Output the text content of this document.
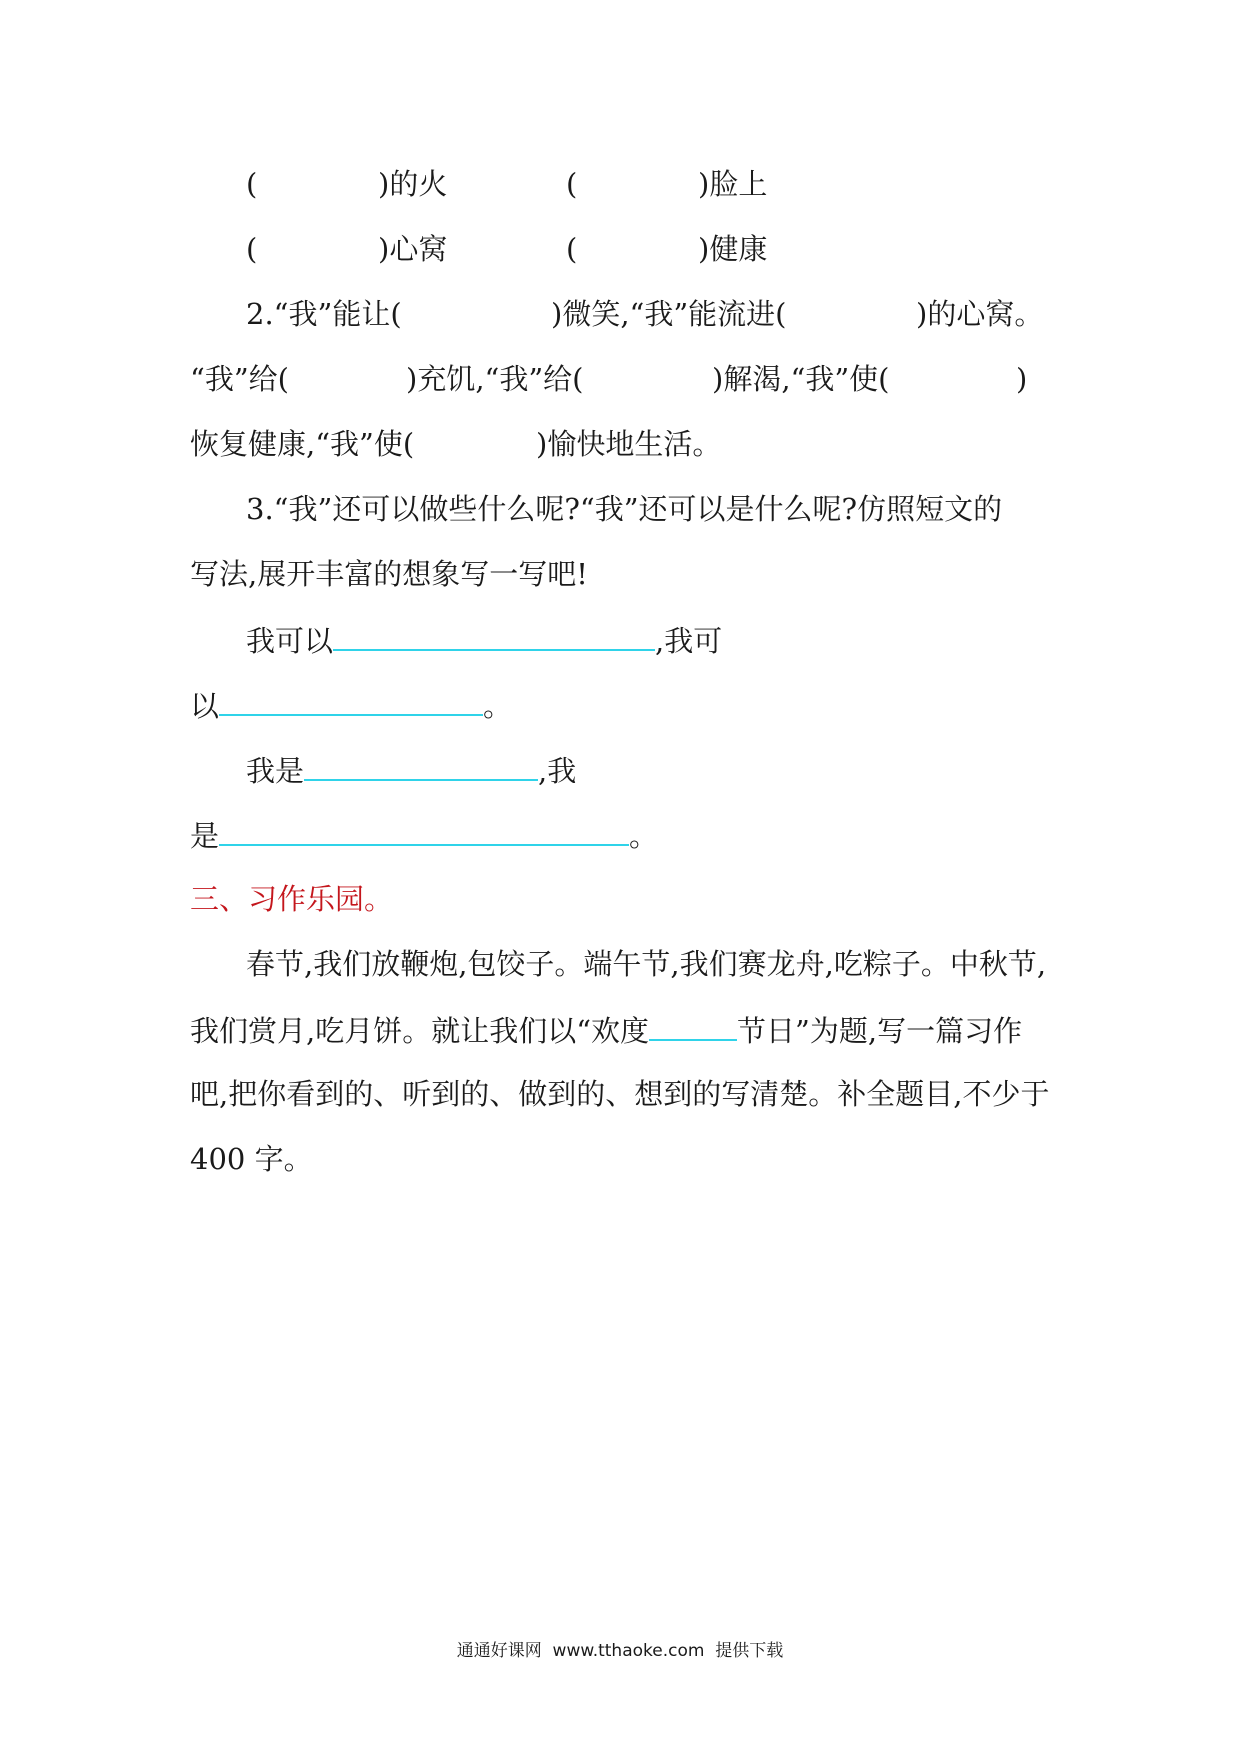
(	)的火	(	)脸上
(	)心窝	(	)健康
2.“我”能让(	)微笑,“我”能流进(	)的心窝。
“我”给(	)充饥,“我”给(	)解渴,“我”使(	)
恢复健康,“我”使(	)愉快地生活。
3.“我”还可以做些什么呢?“我”还可以是什么呢?仿照短文的
写法,展开丰富的想象写一写吧!
我可以	,我可
以	。
我是	,我
是	。
三、习作乐园。
春节,我们放鞭炮,包饺子。端午节,我们赛龙舟,吃粽子。中秋节,
我们赏月,吃月饼。就让我们以“欢度	节日”为题,写一篇习作
吧,把你看到的、听到的、做到的、想到的写清楚。补全题目,不少于
400 字。
通通好课网  www.tthaoke.com  提供下载
